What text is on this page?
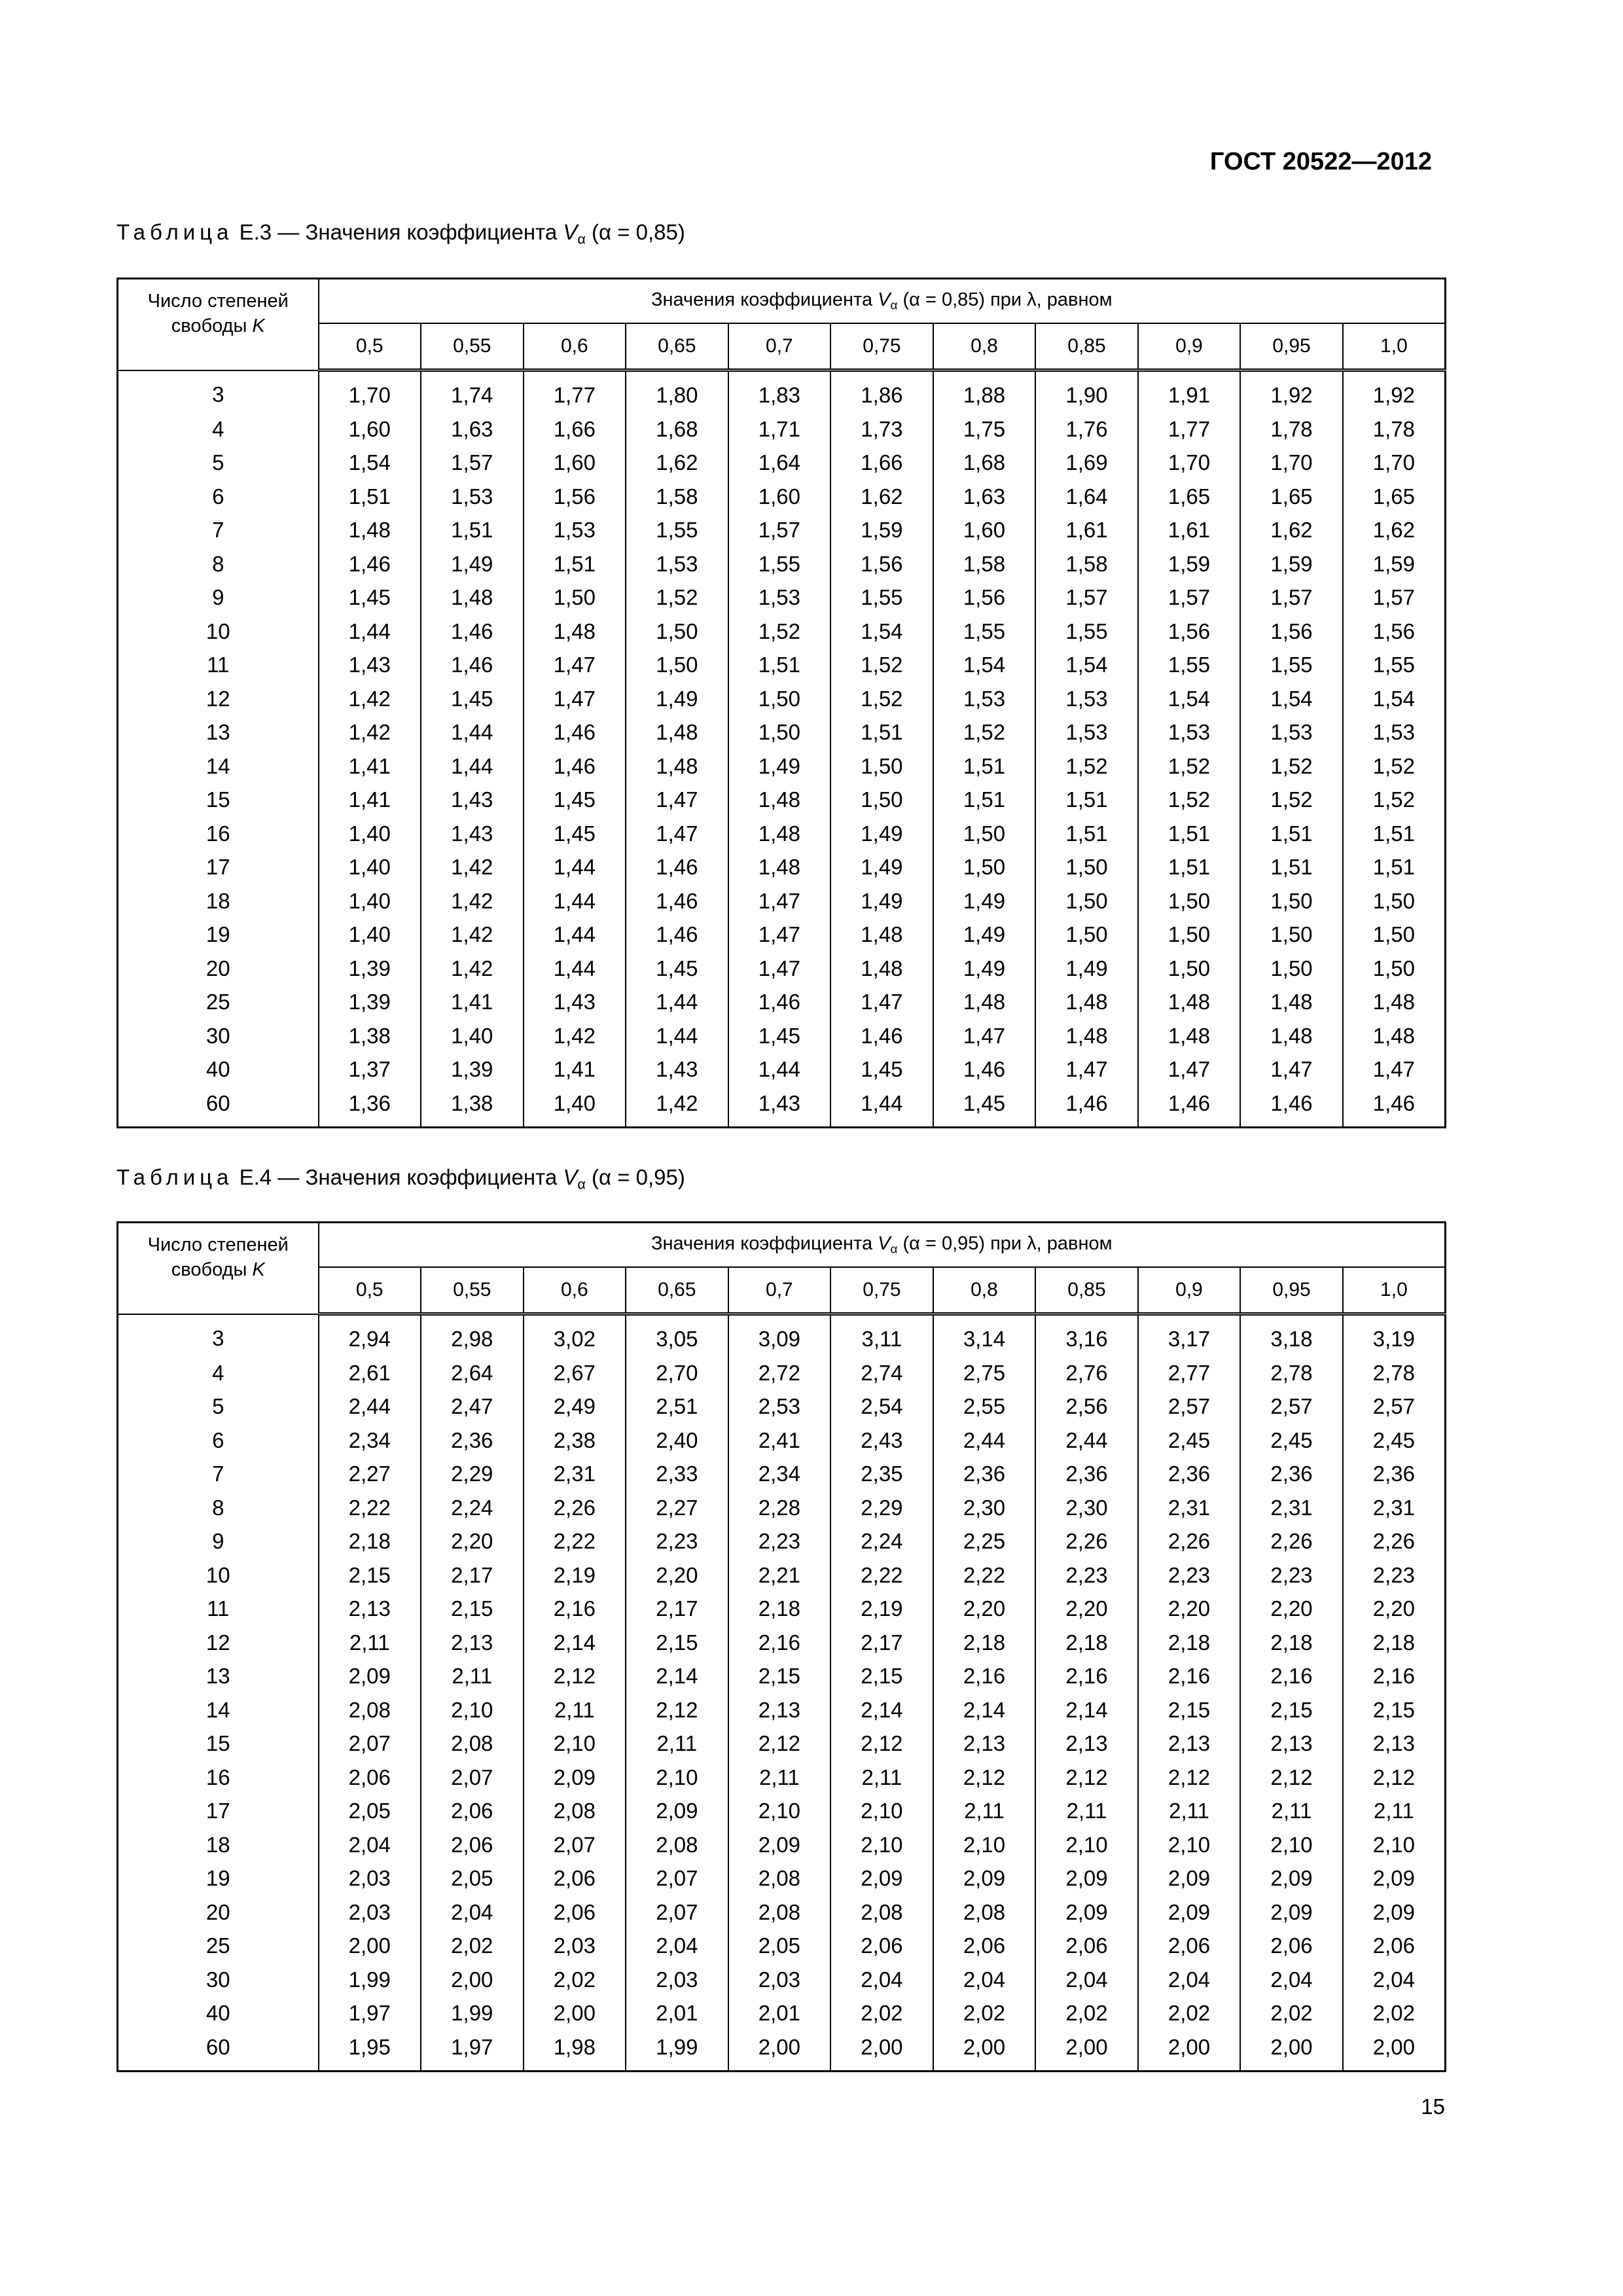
ГОСТ 20522—2012
Таблица Е.3 — Значения коэффициента $V_\alpha$ (α = 0,85)
Число степеней
свободы K	Значения коэффициента $V_\alpha$ (α = 0,85) при λ, равном										
	0,5	0,55	0,6	0,65	0,7	0,75	0,8	0,85	0,9	0,95	1,0
3	1,70	1,74	1,77	1,80	1,83	1,86	1,88	1,90	1,91	1,92	1,92
4	1,60	1,63	1,66	1,68	1,71	1,73	1,75	1,76	1,77	1,78	1,78
5	1,54	1,57	1,60	1,62	1,64	1,66	1,68	1,69	1,70	1,70	1,70
6	1,51	1,53	1,56	1,58	1,60	1,62	1,63	1,64	1,65	1,65	1,65
7	1,48	1,51	1,53	1,55	1,57	1,59	1,60	1,61	1,61	1,62	1,62
8	1,46	1,49	1,51	1,53	1,55	1,56	1,58	1,58	1,59	1,59	1,59
9	1,45	1,48	1,50	1,52	1,53	1,55	1,56	1,57	1,57	1,57	1,57
10	1,44	1,46	1,48	1,50	1,52	1,54	1,55	1,55	1,56	1,56	1,56
11	1,43	1,46	1,47	1,50	1,51	1,52	1,54	1,54	1,55	1,55	1,55
12	1,42	1,45	1,47	1,49	1,50	1,52	1,53	1,53	1,54	1,54	1,54
13	1,42	1,44	1,46	1,48	1,50	1,51	1,52	1,53	1,53	1,53	1,53
14	1,41	1,44	1,46	1,48	1,49	1,50	1,51	1,52	1,52	1,52	1,52
15	1,41	1,43	1,45	1,47	1,48	1,50	1,51	1,51	1,52	1,52	1,52
16	1,40	1,43	1,45	1,47	1,48	1,49	1,50	1,51	1,51	1,51	1,51
17	1,40	1,42	1,44	1,46	1,48	1,49	1,50	1,50	1,51	1,51	1,51
18	1,40	1,42	1,44	1,46	1,47	1,49	1,49	1,50	1,50	1,50	1,50
19	1,40	1,42	1,44	1,46	1,47	1,48	1,49	1,50	1,50	1,50	1,50
20	1,39	1,42	1,44	1,45	1,47	1,48	1,49	1,49	1,50	1,50	1,50
25	1,39	1,41	1,43	1,44	1,46	1,47	1,48	1,48	1,48	1,48	1,48
30	1,38	1,40	1,42	1,44	1,45	1,46	1,47	1,48	1,48	1,48	1,48
40	1,37	1,39	1,41	1,43	1,44	1,45	1,46	1,47	1,47	1,47	1,47
60	1,36	1,38	1,40	1,42	1,43	1,44	1,45	1,46	1,46	1,46	1,46
Таблица Е.4 — Значения коэффициента $V_\alpha$ (α = 0,95)
Число степеней
свободы K	Значения коэффициента $V_\alpha$ (α = 0,95) при λ, равном										
	0,5	0,55	0,6	0,65	0,7	0,75	0,8	0,85	0,9	0,95	1,0
3	2,94	2,98	3,02	3,05	3,09	3,11	3,14	3,16	3,17	3,18	3,19
4	2,61	2,64	2,67	2,70	2,72	2,74	2,75	2,76	2,77	2,78	2,78
5	2,44	2,47	2,49	2,51	2,53	2,54	2,55	2,56	2,57	2,57	2,57
6	2,34	2,36	2,38	2,40	2,41	2,43	2,44	2,44	2,45	2,45	2,45
7	2,27	2,29	2,31	2,33	2,34	2,35	2,36	2,36	2,36	2,36	2,36
8	2,22	2,24	2,26	2,27	2,28	2,29	2,30	2,30	2,31	2,31	2,31
9	2,18	2,20	2,22	2,23	2,23	2,24	2,25	2,26	2,26	2,26	2,26
10	2,15	2,17	2,19	2,20	2,21	2,22	2,22	2,23	2,23	2,23	2,23
11	2,13	2,15	2,16	2,17	2,18	2,19	2,20	2,20	2,20	2,20	2,20
12	2,11	2,13	2,14	2,15	2,16	2,17	2,18	2,18	2,18	2,18	2,18
13	2,09	2,11	2,12	2,14	2,15	2,15	2,16	2,16	2,16	2,16	2,16
14	2,08	2,10	2,11	2,12	2,13	2,14	2,14	2,14	2,15	2,15	2,15
15	2,07	2,08	2,10	2,11	2,12	2,12	2,13	2,13	2,13	2,13	2,13
16	2,06	2,07	2,09	2,10	2,11	2,11	2,12	2,12	2,12	2,12	2,12
17	2,05	2,06	2,08	2,09	2,10	2,10	2,11	2,11	2,11	2,11	2,11
18	2,04	2,06	2,07	2,08	2,09	2,10	2,10	2,10	2,10	2,10	2,10
19	2,03	2,05	2,06	2,07	2,08	2,09	2,09	2,09	2,09	2,09	2,09
20	2,03	2,04	2,06	2,07	2,08	2,08	2,08	2,09	2,09	2,09	2,09
25	2,00	2,02	2,03	2,04	2,05	2,06	2,06	2,06	2,06	2,06	2,06
30	1,99	2,00	2,02	2,03	2,03	2,04	2,04	2,04	2,04	2,04	2,04
40	1,97	1,99	2,00	2,01	2,01	2,02	2,02	2,02	2,02	2,02	2,02
60	1,95	1,97	1,98	1,99	2,00	2,00	2,00	2,00	2,00	2,00	2,00
15
